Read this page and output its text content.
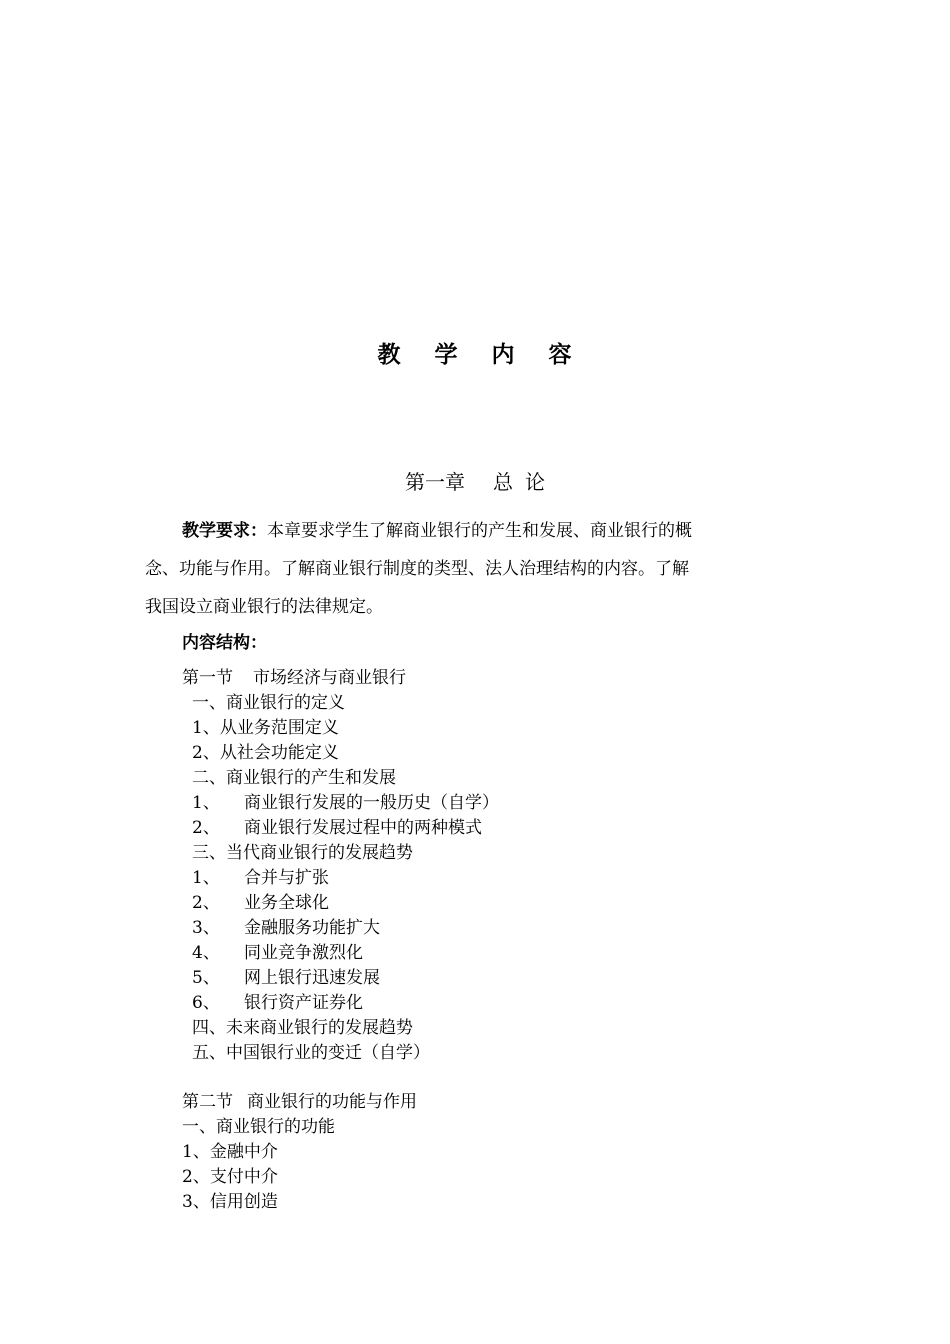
教 学 内 容
第一章 总 论
教学要求：本章要求学生了解商业银行的产生和发展、商业银行的概
念、功能与作用。了解商业银行制度的类型、法人治理结构的内容。了解
我国设立商业银行的法律规定。
内容结构：
第一节 市场经济与商业银行
一、商业银行的定义
1、从业务范围定义
2、从社会功能定义
二、商业银行的产生和发展
1、 商业银行发展的一般历史（自学）
2、 商业银行发展过程中的两种模式
三、当代商业银行的发展趋势
1、 合并与扩张
2、 业务全球化
3、 金融服务功能扩大
4、 同业竞争激烈化
5、 网上银行迅速发展
6、 银行资产证券化
四、未来商业银行的发展趋势
五、中国银行业的变迁（自学）
第二节 商业银行的功能与作用
一、商业银行的功能
1、金融中介
2、支付中介
3、信用创造
